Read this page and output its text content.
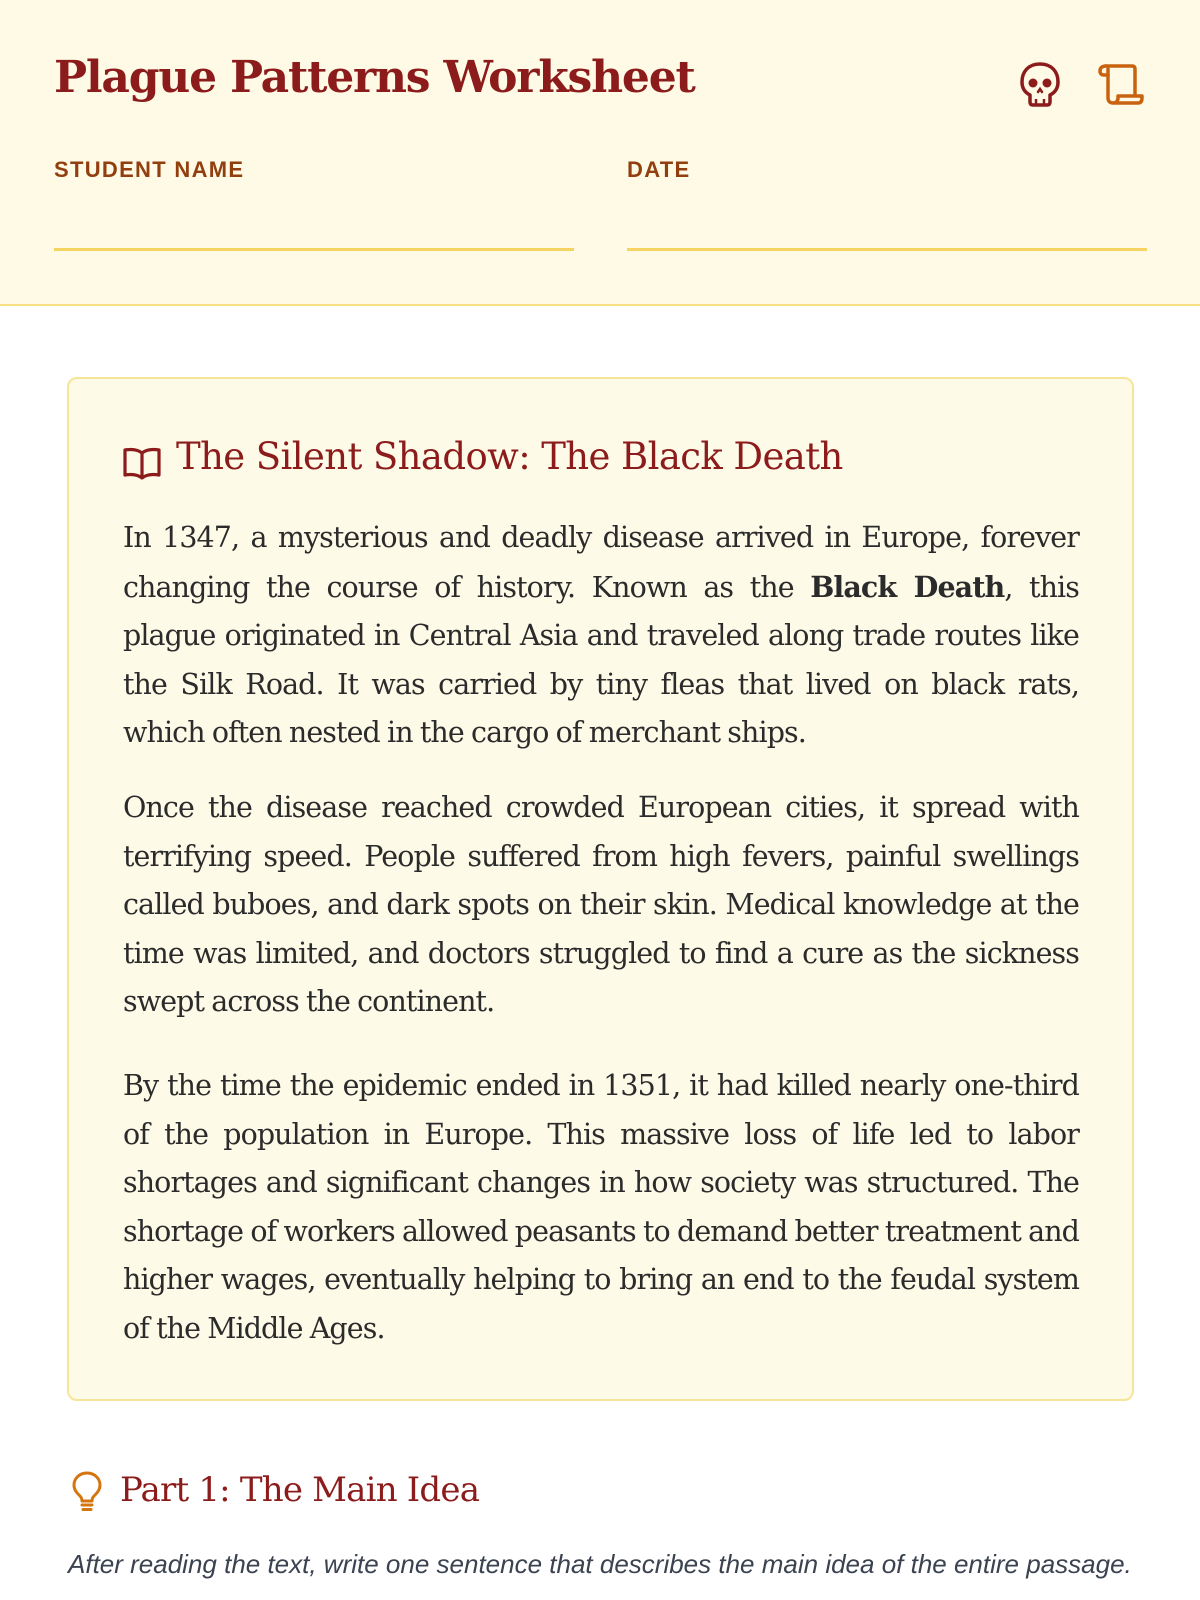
Plague Patterns Worksheet
STUDENT NAME	DATE
The Silent Shadow: The Black Death

In 1347, a mysterious and deadly disease arrived in Europe, forever changing the course of history. Known as the Black Death, this plague originated in Central Asia and traveled along trade routes like the Silk Road. It was carried by tiny fleas that lived on black rats, which often nested in the cargo of merchant ships.

Once the disease reached crowded European cities, it spread with terrifying speed. People suffered from high fevers, painful swellings called buboes, and dark spots on their skin. Medical knowledge at the time was limited, and doctors struggled to find a cure as the sickness swept across the continent.

By the time the epidemic ended in 1351, it had killed nearly one-third of the population in Europe. This massive loss of life led to labor shortages and significant changes in how society was structured. The shortage of workers allowed peasants to demand better treatment and higher wages, eventually helping to bring an end to the feudal system of the Middle Ages.

Part 1: The Main Idea

After reading the text, write one sentence that describes the main idea of the entire passage.
